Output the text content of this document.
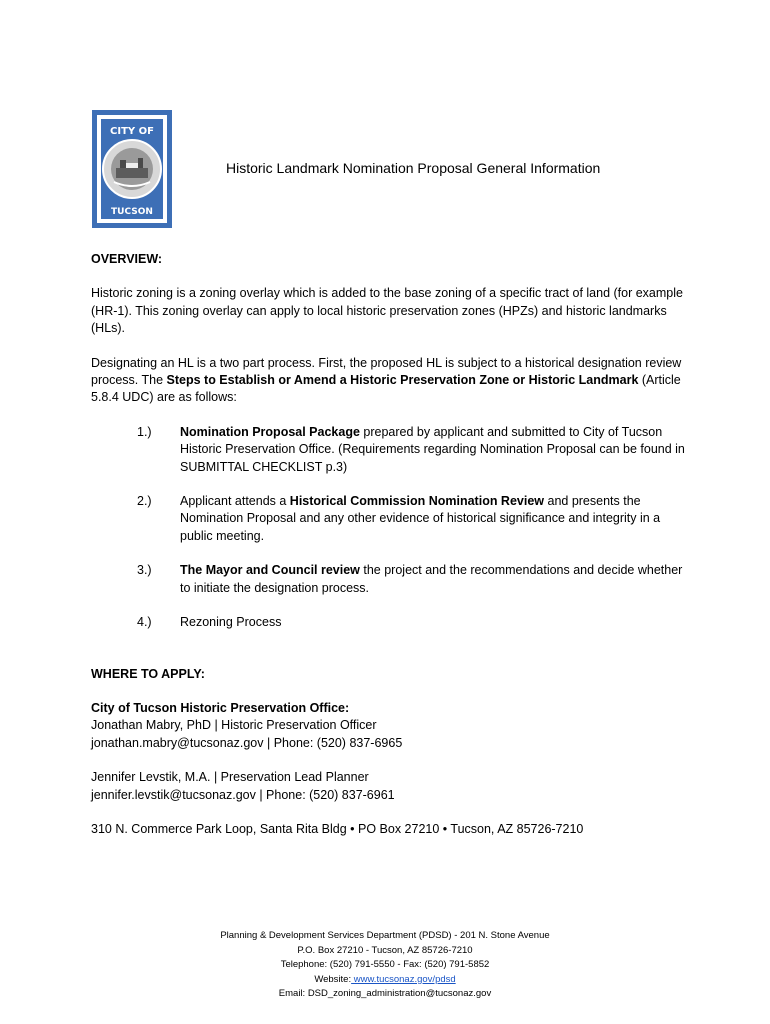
CITY OF
TUCSON
Historic Landmark Nomination Proposal General Information

OVERVIEW:

Historic zoning is a zoning overlay which is added to the base zoning of a specific tract of land (for example (HR-1). This zoning overlay can apply to local historic preservation zones (HPZs) and historic landmarks (HLs).

Designating an HL is a two part process. First, the proposed HL is subject to a historical designation review process. The Steps to Establish or Amend a Historic Preservation Zone or Historic Landmark (Article 5.8.4 UDC) are as follows:

1.)	Nomination Proposal Package prepared by applicant and submitted to City of Tucson Historic Preservation Office. (Requirements regarding Nomination Proposal can be found in SUBMITTAL CHECKLIST p.3)
2.)	Applicant attends a Historical Commission Nomination Review and presents the Nomination Proposal and any other evidence of historical significance and integrity in a public meeting.
3.)	The Mayor and Council review the project and the recommendations and decide whether to initiate the designation process.
4.)	Rezoning Process

WHERE TO APPLY:

City of Tucson Historic Preservation Office:

Jonathan Mabry, PhD | Historic Preservation Officer

jonathan.mabry@tucsonaz.gov | Phone: (520) 837-6965

Jennifer Levstik, M.A. | Preservation Lead Planner

jennifer.levstik@tucsonaz.gov | Phone: (520) 837-6961

310 N. Commerce Park Loop, Santa Rita Bldg • PO Box 27210 • Tucson, AZ 85726-7210

Planning & Development Services Department (PDSD) - 201 N. Stone Avenue
P.O. Box 27210 - Tucson, AZ 85726-7210
Telephone: (520) 791-5550 - Fax: (520) 791-5852
Website: www.tucsonaz.gov/pdsd
Email: DSD_zoning_administration@tucsonaz.gov
